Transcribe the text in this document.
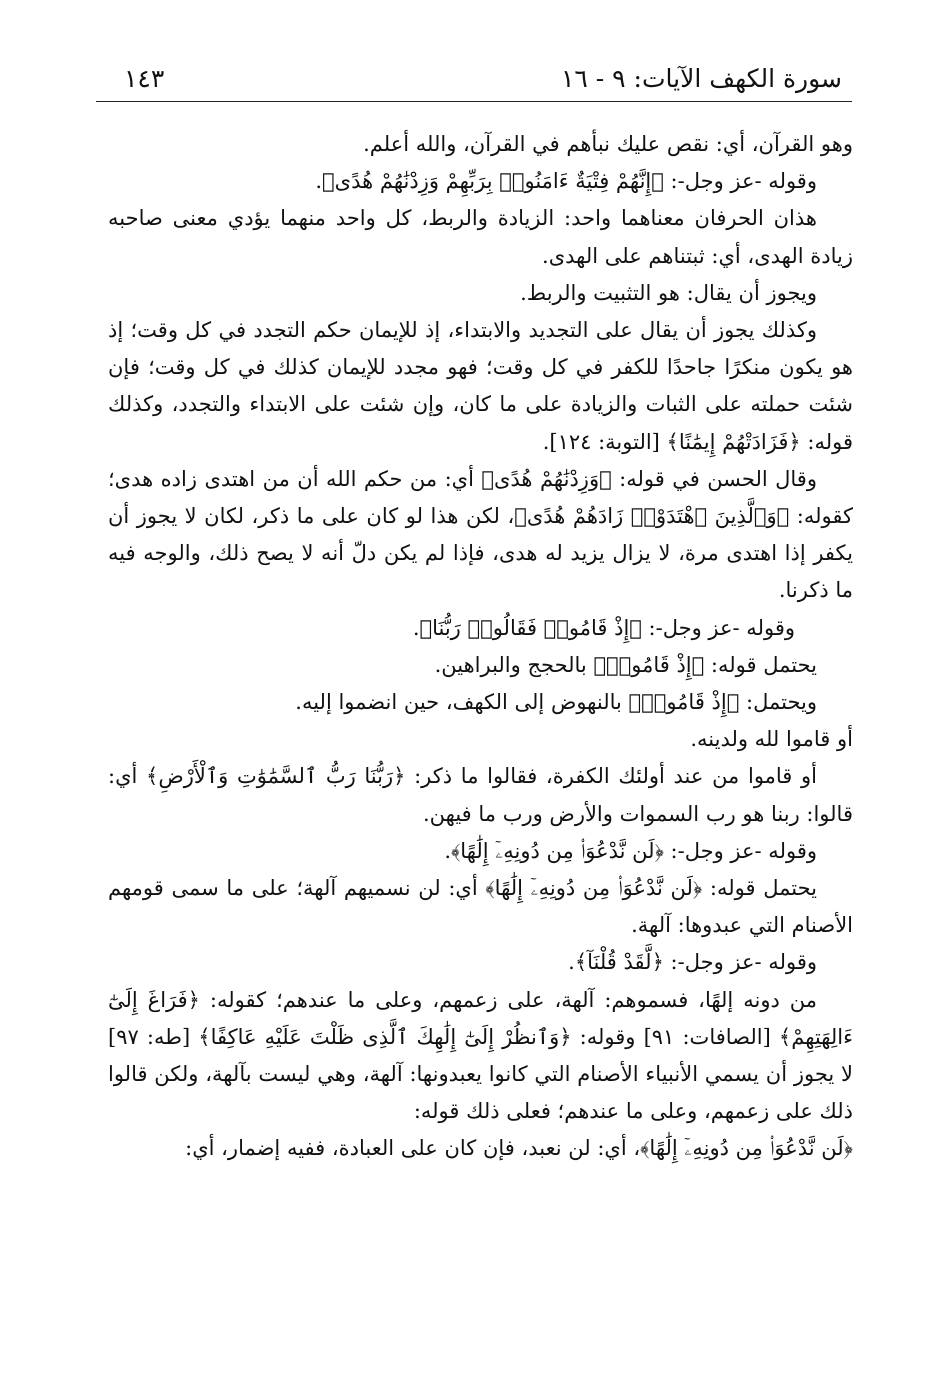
سورة الكهف الآيات: ٩ - ١٦
١٤٣

وهو القرآن، أي: نقص عليك نبأهم في القرآن، والله أعلم.

وقوله -عز وجل-: ﴿إِنَّهُمْ فِتْيَةٌ ءَامَنُوا۟ بِرَبِّهِمْ وَزِدْنَٰهُمْ هُدًى﴾.

هذان الحرفان معناهما واحد: الزيادة والربط، كل واحد منهما يؤدي معنى صاحبه زيادة الهدى، أي: ثبتناهم على الهدى.

ويجوز أن يقال: هو التثبيت والربط.

وكذلك يجوز أن يقال على التجديد والابتداء، إذ للإيمان حكم التجدد في كل وقت؛ إذ هو يكون منكرًا جاحدًا للكفر في كل وقت؛ فهو مجدد للإيمان كذلك في كل وقت؛ فإن شئت حملته على الثبات والزيادة على ما كان، وإن شئت على الابتداء والتجدد، وكذلك قوله: ﴿فَزَادَتْهُمْ إِيمَٰنًا﴾ [التوبة: ١٢٤].

وقال الحسن في قوله: ﴿وَزِدْنَٰهُمْ هُدًى﴾ أي: من حكم الله أن من اهتدى زاده هدى؛ كقوله: ﴿وَٱلَّذِينَ ٱهْتَدَوْا۟ زَادَهُمْ هُدًى﴾، لكن هذا لو كان على ما ذكر، لكان لا يجوز أن يكفر إذا اهتدى مرة، لا يزال يزيد له هدى، فإذا لم يكن دلّ أنه لا يصح ذلك، والوجه فيه ما ذكرنا.

وقوله -عز وجل-: ﴿إِذْ قَامُوا۟ فَقَالُوا۟ رَبُّنَا﴾.

يحتمل قوله: ﴿إِذْ قَامُوا۟﴾ بالحجج والبراهين.

ويحتمل: ﴿إِذْ قَامُوا۟﴾ بالنهوض إلى الكهف، حين انضموا إليه.

أو قاموا لله ولدينه.

أو قاموا من عند أولئك الكفرة، فقالوا ما ذكر: ﴿رَبُّنَا رَبُّ ٱلسَّمَٰوَٰتِ وَٱلْأَرْضِ﴾ أي: قالوا: ربنا هو رب السموات والأرض ورب ما فيهن.

وقوله -عز وجل-: ﴿لَن نَّدْعُوَا۟ مِن دُونِهِۦٓ إِلَٰهًا﴾.

يحتمل قوله: ﴿لَن نَّدْعُوَا۟ مِن دُونِهِۦٓ إِلَٰهًا﴾ أي: لن نسميهم آلهة؛ على ما سمى قومهم الأصنام التي عبدوها: آلهة.

وقوله -عز وجل-: ﴿لَّقَدْ قُلْنَآ﴾.

من دونه إلهًا، فسموهم: آلهة، على زعمهم، وعلى ما عندهم؛ كقوله: ﴿فَرَاغَ إِلَىٰٓ ءَالِهَتِهِمْ﴾ [الصافات: ٩١] وقوله: ﴿وَٱنظُرْ إِلَىٰٓ إِلَٰهِكَ ٱلَّذِى ظَلْتَ عَلَيْهِ عَاكِفًا﴾ [طه: ٩٧] لا يجوز أن يسمي الأنبياء الأصنام التي كانوا يعبدونها: آلهة، وهي ليست بآلهة، ولكن قالوا ذلك على زعمهم، وعلى ما عندهم؛ فعلى ذلك قوله:

﴿لَن نَّدْعُوَا۟ مِن دُونِهِۦٓ إِلَٰهًا﴾، أي: لن نعبد، فإن كان على العبادة، ففيه إضمار، أي:
